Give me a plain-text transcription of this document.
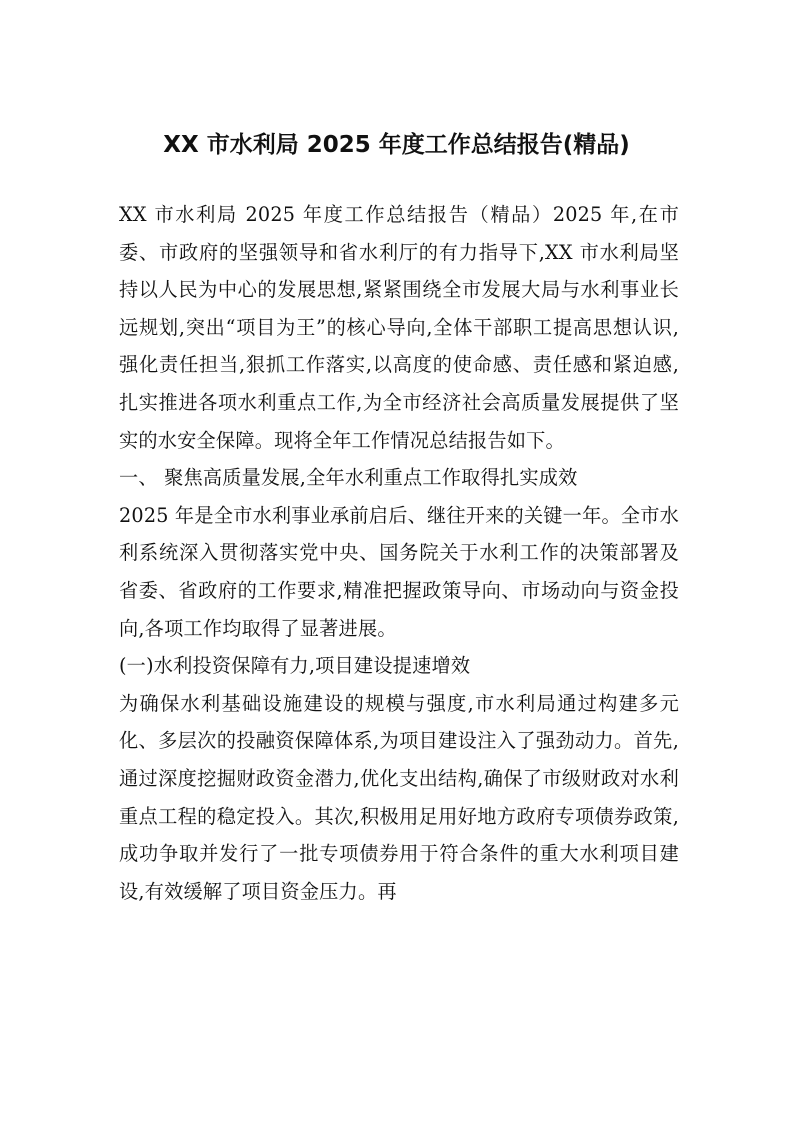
XX 市水利局 2025 年度工作总结报告(精品)

XX 市水利局 2025 年度工作总结报告（精品）2025 年,在市委、市政府的坚强领导和省水利厅的有力指导下,XX 市水利局坚持以人民为中心的发展思想,紧紧围绕全市发展大局与水利事业长远规划,突出“项目为王”的核心导向,全体干部职工提高思想认识,强化责任担当,狠抓工作落实,以高度的使命感、责任感和紧迫感,扎实推进各项水利重点工作,为全市经济社会高质量发展提供了坚实的水安全保障。现将全年工作情况总结报告如下。

一、 聚焦高质量发展,全年水利重点工作取得扎实成效

2025 年是全市水利事业承前启后、继往开来的关键一年。全市水利系统深入贯彻落实党中央、国务院关于水利工作的决策部署及省委、省政府的工作要求,精准把握政策导向、市场动向与资金投向,各项工作均取得了显著进展。

(一)水利投资保障有力,项目建设提速增效

为确保水利基础设施建设的规模与强度,市水利局通过构建多元化、多层次的投融资保障体系,为项目建设注入了强劲动力。首先,通过深度挖掘财政资金潜力,优化支出结构,确保了市级财政对水利重点工程的稳定投入。其次,积极用足用好地方政府专项债券政策,成功争取并发行了一批专项债券用于符合条件的重大水利项目建设,有效缓解了项目资金压力。再
